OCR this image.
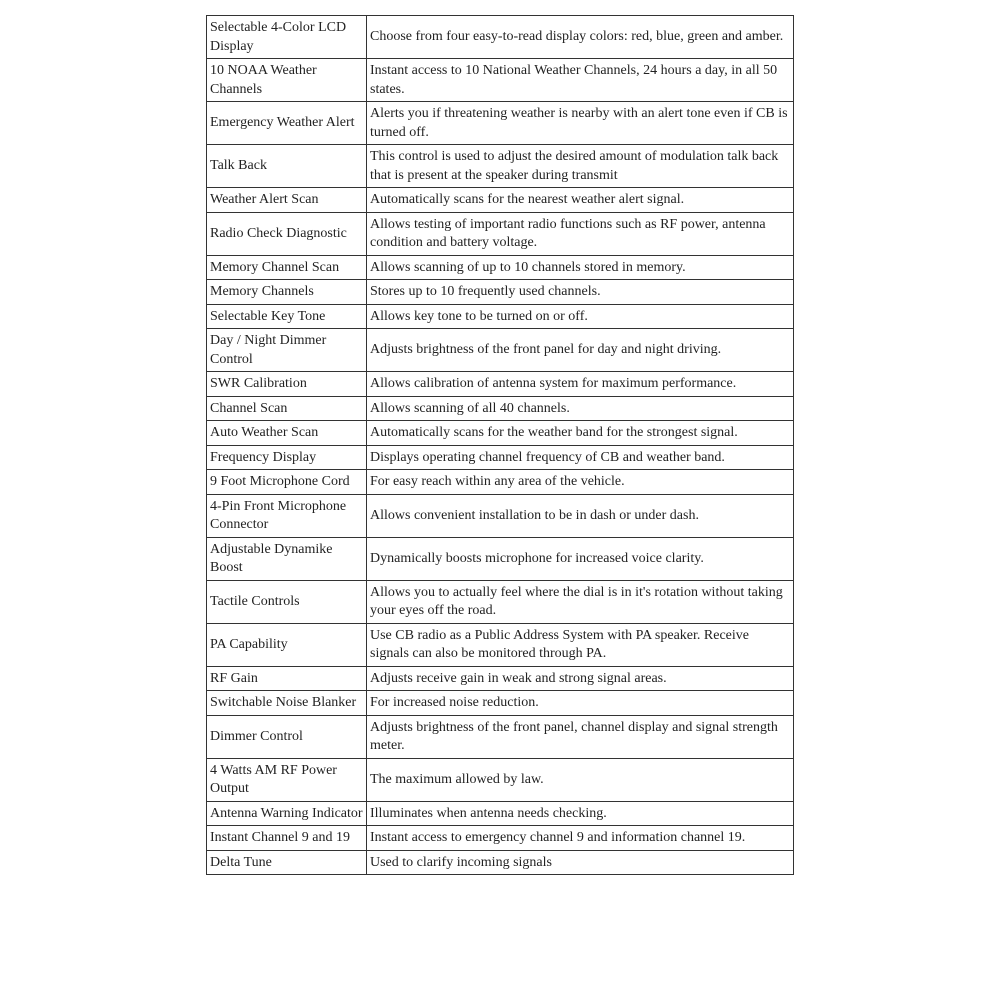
Selectable 4-Color LCD Display	Choose from four easy-to-read display colors: red, blue, green and amber.
10 NOAA Weather Channels	Instant access to 10 National Weather Channels, 24 hours a day, in all 50 states.
Emergency Weather Alert	Alerts you if threatening weather is nearby with an alert tone even if CB is turned off.
Talk Back	This control is used to adjust the desired amount of modulation talk back that is present at the speaker during transmit
Weather Alert Scan	Automatically scans for the nearest weather alert signal.
Radio Check Diagnostic	Allows testing of important radio functions such as RF power, antenna condition and battery voltage.
Memory Channel Scan	Allows scanning of up to 10 channels stored in memory.
Memory Channels	Stores up to 10 frequently used channels.
Selectable Key Tone	Allows key tone to be turned on or off.
Day / Night Dimmer Control	Adjusts brightness of the front panel for day and night driving.
SWR Calibration	Allows calibration of antenna system for maximum performance.
Channel Scan	Allows scanning of all 40 channels.
Auto Weather Scan	Automatically scans for the weather band for the strongest signal.
Frequency Display	Displays operating channel frequency of CB and weather band.
9 Foot Microphone Cord	For easy reach within any area of the vehicle.
4-Pin Front Microphone Connector	Allows convenient installation to be in dash or under dash.
Adjustable Dynamike Boost	Dynamically boosts microphone for increased voice clarity.
Tactile Controls	Allows you to actually feel where the dial is in it's rotation without taking your eyes off the road.
PA Capability	Use CB radio as a Public Address System with PA speaker. Receive signals can also be monitored through PA.
RF Gain	Adjusts receive gain in weak and strong signal areas.
Switchable Noise Blanker	For increased noise reduction.
Dimmer Control	Adjusts brightness of the front panel, channel display and signal strength meter.
4 Watts AM RF Power Output	The maximum allowed by law.
Antenna Warning Indicator	Illuminates when antenna needs checking.
Instant Channel 9 and 19	Instant access to emergency channel 9 and information channel 19.
Delta Tune	Used to clarify incoming signals
